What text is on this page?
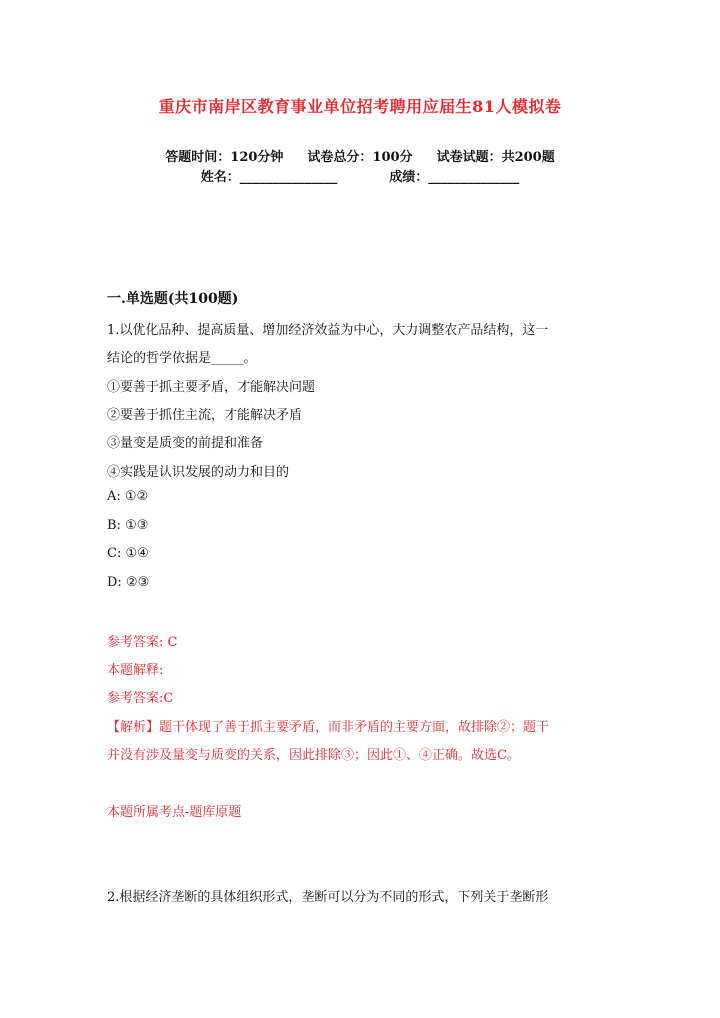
重庆市南岸区教育事业单位招考聘用应届生81人模拟卷
答题时间：120分钟 试卷总分：100分 试卷试题：共200题
姓名：_______________	成绩：______________
一.单选题(共100题)
1.以优化品种、提高质量、增加经济效益为中心，大力调整农产品结构，这一
结论的哲学依据是_____。
①要善于抓主要矛盾，才能解决问题
②要善于抓住主流，才能解决矛盾
③量变是质变的前提和准备
④实践是认识发展的动力和目的
A: ①②
B: ①③
C: ①④
D: ②③
参考答案: C
本题解释:
参考答案:C
【解析】题干体现了善于抓主要矛盾，而非矛盾的主要方面，故排除②；题干
并没有涉及量变与质变的关系，因此排除③；因此①、④正确。故选C。
本题所属考点-题库原题
2.根据经济垄断的具体组织形式，垄断可以分为不同的形式，下列关于垄断形
